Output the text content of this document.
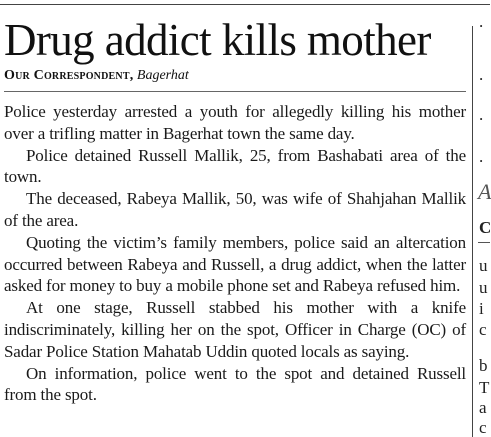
Drug addict kills mother
Our Correspondent, Bagerhat

Police yesterday arrested a youth for allegedly killing his mother over a trifling matter in Bagerhat town the same day.

Police detained Russell Mallik, 25, from Bashabati area of the town.

The deceased, Rabeya Mallik, 50, was wife of Shahjahan Mallik of the area.

Quoting the victim’s family members, police said an altercation occurred between Rabeya and Russell, a drug addict, when the latter asked for money to buy a mobile phone set and Rabeya refused him.

At one stage, Russell stabbed his mother with a knife indiscriminately, killing her on the spot, Officer in Charge (OC) of Sadar Police Station Mahatab Uddin quoted locals as saying.

On information, police went to the spot and detained Russell from the spot.

.
.
.
.
A
C
u
u
i
c
b
T
a
c
